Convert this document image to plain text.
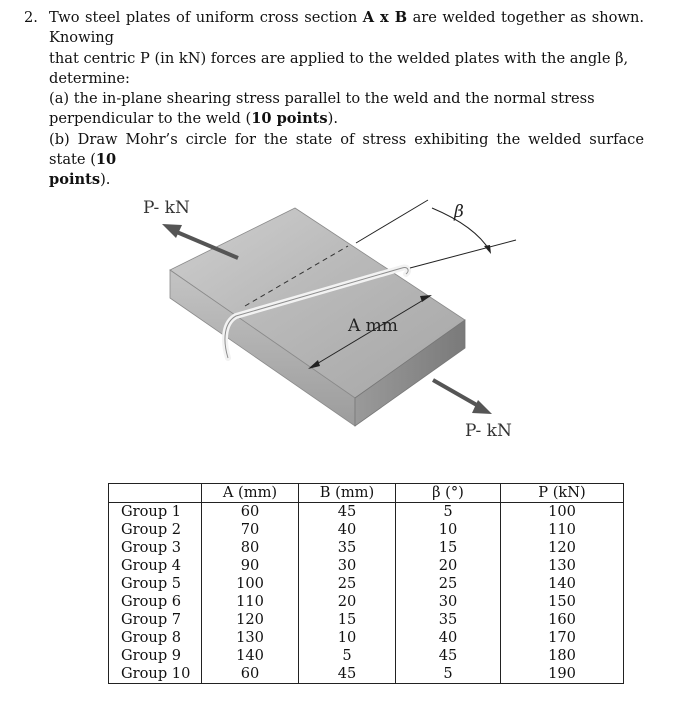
2. Two steel plates of uniform cross section A x B are welded together as shown. Knowing
that centric P (in kN) forces are applied to the welded plates with the angle β,
determine:
(a) the in-plane shearing stress parallel to the weld and the normal stress
perpendicular to the weld (10 points).
(b) Draw Mohr’s circle for the state of stress exhibiting the welded surface state (10
points).
P- kN
A mm
β
P- kN
	A (mm)	B (mm)	β (°)	P (kN)
Group 1	60	45	5	100
Group 2	70	40	10	110
Group 3	80	35	15	120
Group 4	90	30	20	130
Group 5	100	25	25	140
Group 6	110	20	30	150
Group 7	120	15	35	160
Group 8	130	10	40	170
Group 9	140	5	45	180
Group 10	60	45	5	190
